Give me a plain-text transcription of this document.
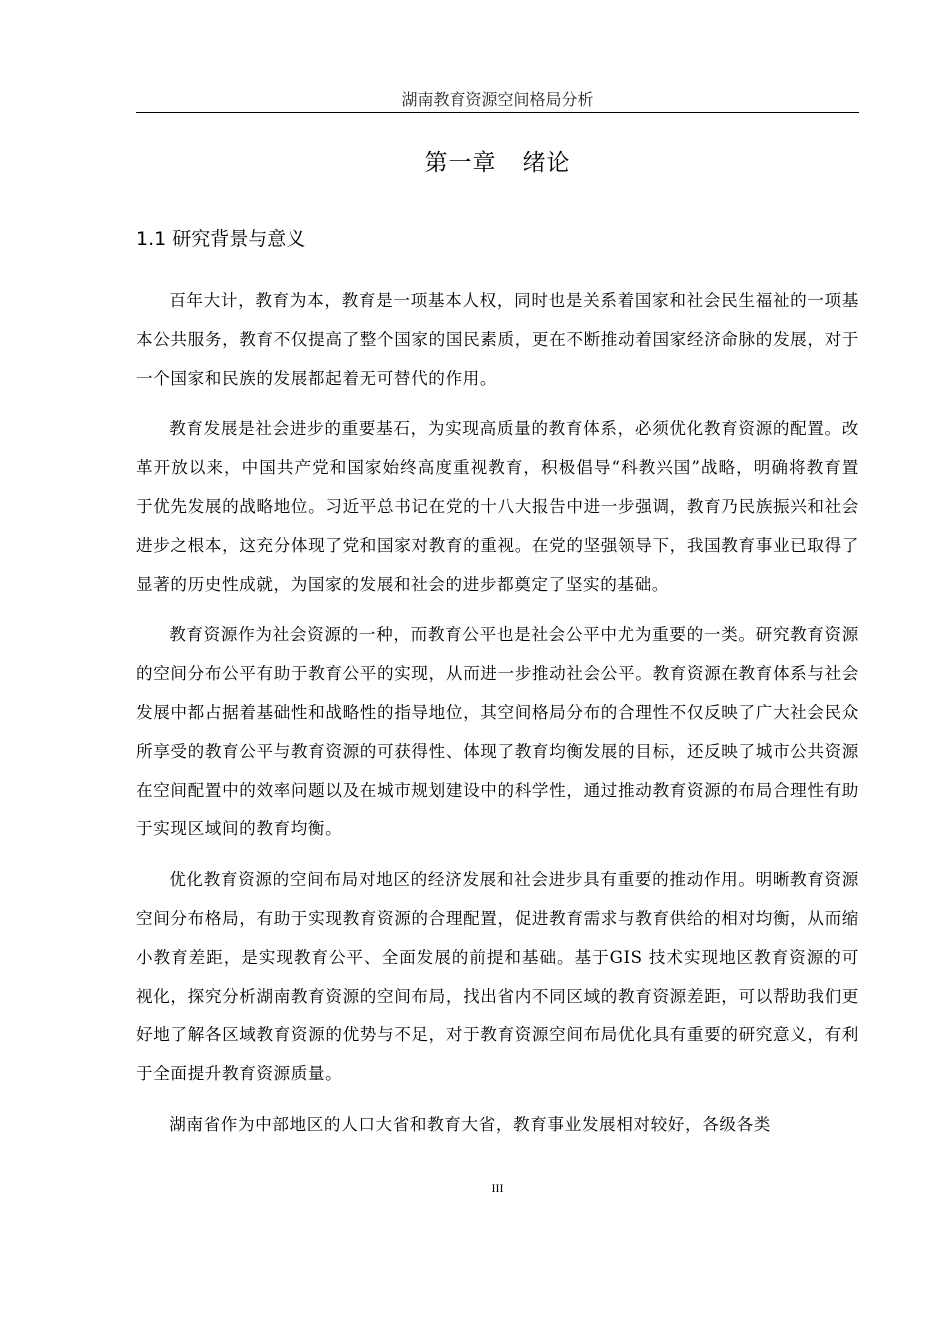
湖南教育资源空间格局分析
第一章 绪论
1.1 研究背景与意义

百年大计，教育为本，教育是一项基本人权，同时也是关系着国家和社会民生福祉的一项基本公共服务，教育不仅提高了整个国家的国民素质，更在不断推动着国家经济命脉的发展，对于一个国家和民族的发展都起着无可替代的作用。

教育发展是社会进步的重要基石，为实现高质量的教育体系，必须优化教育资源的配置。改革开放以来，中国共产党和国家始终高度重视教育，积极倡导“科教兴国”战略，明确将教育置于优先发展的战略地位。习近平总书记在党的十八大报告中进一步强调，教育乃民族振兴和社会进步之根本，这充分体现了党和国家对教育的重视。在党的坚强领导下，我国教育事业已取得了显著的历史性成就，为国家的发展和社会的进步都奠定了坚实的基础。

教育资源作为社会资源的一种，而教育公平也是社会公平中尤为重要的一类。研究教育资源的空间分布公平有助于教育公平的实现，从而进一步推动社会公平。教育资源在教育体系与社会发展中都占据着基础性和战略性的指导地位，其空间格局分布的合理性不仅反映了广大社会民众所享受的教育公平与教育资源的可获得性、体现了教育均衡发展的目标，还反映了城市公共资源在空间配置中的效率问题以及在城市规划建设中的科学性，通过推动教育资源的布局合理性有助于实现区域间的教育均衡。

优化教育资源的空间布局对地区的经济发展和社会进步具有重要的推动作用。明晰教育资源空间分布格局，有助于实现教育资源的合理配置，促进教育需求与教育供给的相对均衡，从而缩小教育差距，是实现教育公平、全面发展的前提和基础。基于GIS 技术实现地区教育资源的可视化，探究分析湖南教育资源的空间布局，找出省内不同区域的教育资源差距，可以帮助我们更好地了解各区域教育资源的优势与不足，对于教育资源空间布局优化具有重要的研究意义，有利于全面提升教育资源质量。

湖南省作为中部地区的人口大省和教育大省，教育事业发展相对较好，各级各类

III
